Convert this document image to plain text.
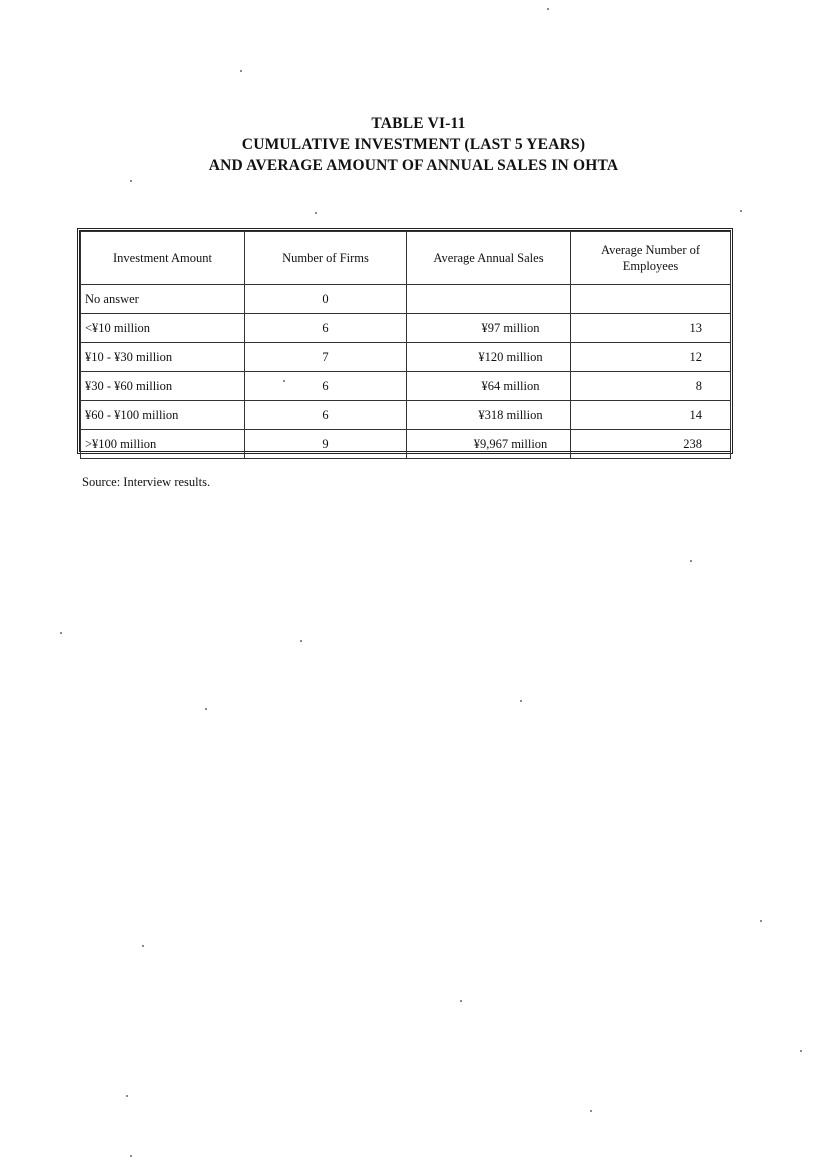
TABLE VI-11
CUMULATIVE INVESTMENT (LAST 5 YEARS)
AND AVERAGE AMOUNT OF ANNUAL SALES IN OHTA
Investment Amount	Number of Firms	Average Annual Sales	Average Number of Employees
No answer	0		
<¥10 million	6	¥97 million	13
¥10 - ¥30 million	7	¥120 million	12
¥30 - ¥60 million	6	¥64 million	8
¥60 - ¥100 million	6	¥318 million	14
>¥100 million	9	¥9,967 million	238
Source: Interview results.
